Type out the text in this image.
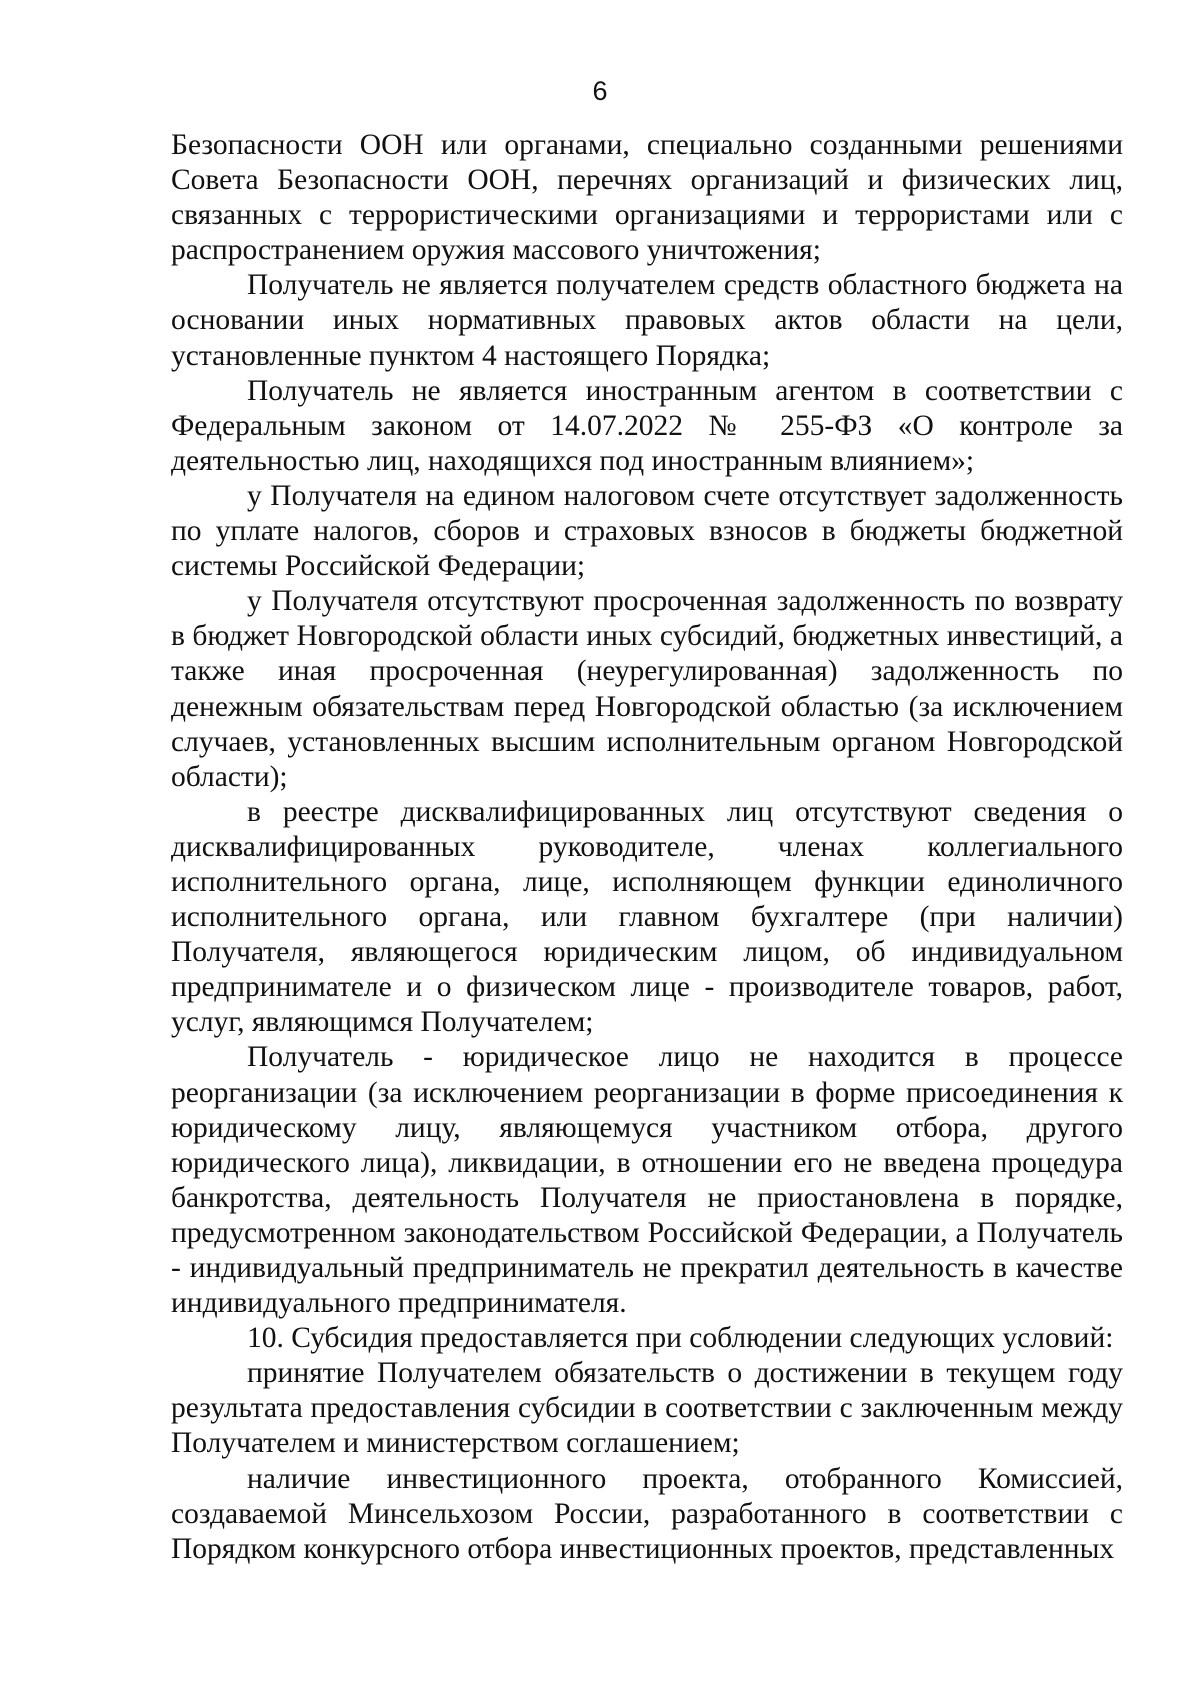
6

Безопасности ООН или органами, специально созданными решениями Совета Безопасности ООН, перечнях организаций и физических лиц, связанных с террористическими организациями и террористами или с распространением оружия массового уничтожения;

Получатель не является получателем средств областного бюджета на основании иных нормативных правовых актов области на цели, установленные пунктом 4 настоящего Порядка;

Получатель не является иностранным агентом в соответствии с Федеральным законом от 14.07.2022 № 255-ФЗ «О контроле за деятельностью лиц, находящихся под иностранным влиянием»;

у Получателя на едином налоговом счете отсутствует задолженность по уплате налогов, сборов и страховых взносов в бюджеты бюджетной системы Российской Федерации;

у Получателя отсутствуют просроченная задолженность по возврату в бюджет Новгородской области иных субсидий, бюджетных инвестиций, а также иная просроченная (неурегулированная) задолженность по денежным обязательствам перед Новгородской областью (за исключением случаев, установленных высшим исполнительным органом Новгородской области);

в реестре дисквалифицированных лиц отсутствуют сведения о дисквалифицированных руководителе, членах коллегиального исполнительного органа, лице, исполняющем функции единоличного исполнительного органа, или главном бухгалтере (при наличии) Получателя, являющегося юридическим лицом, об индивидуальном предпринимателе и о физическом лице - производителе товаров, работ, услуг, являющимся Получателем;

Получатель - юридическое лицо не находится в процессе реорганизации (за исключением реорганизации в форме присоединения к юридическому лицу, являющемуся участником отбора, другого юридического лица), ликвидации, в отношении его не введена процедура банкротства, деятельность Получателя не приостановлена в порядке, предусмотренном законодательством Российской Федерации, а Получатель - индивидуальный предприниматель не прекратил деятельность в качестве индивидуального предпринимателя.

10. Субсидия предоставляется при соблюдении следующих условий:

принятие Получателем обязательств о достижении в текущем году результата предоставления субсидии в соответствии с заключенным между Получателем и министерством соглашением;

наличие инвестиционного проекта, отобранного Комиссией, создаваемой Минсельхозом России, разработанного в соответствии с Порядком конкурсного отбора инвестиционных проектов, представленных
